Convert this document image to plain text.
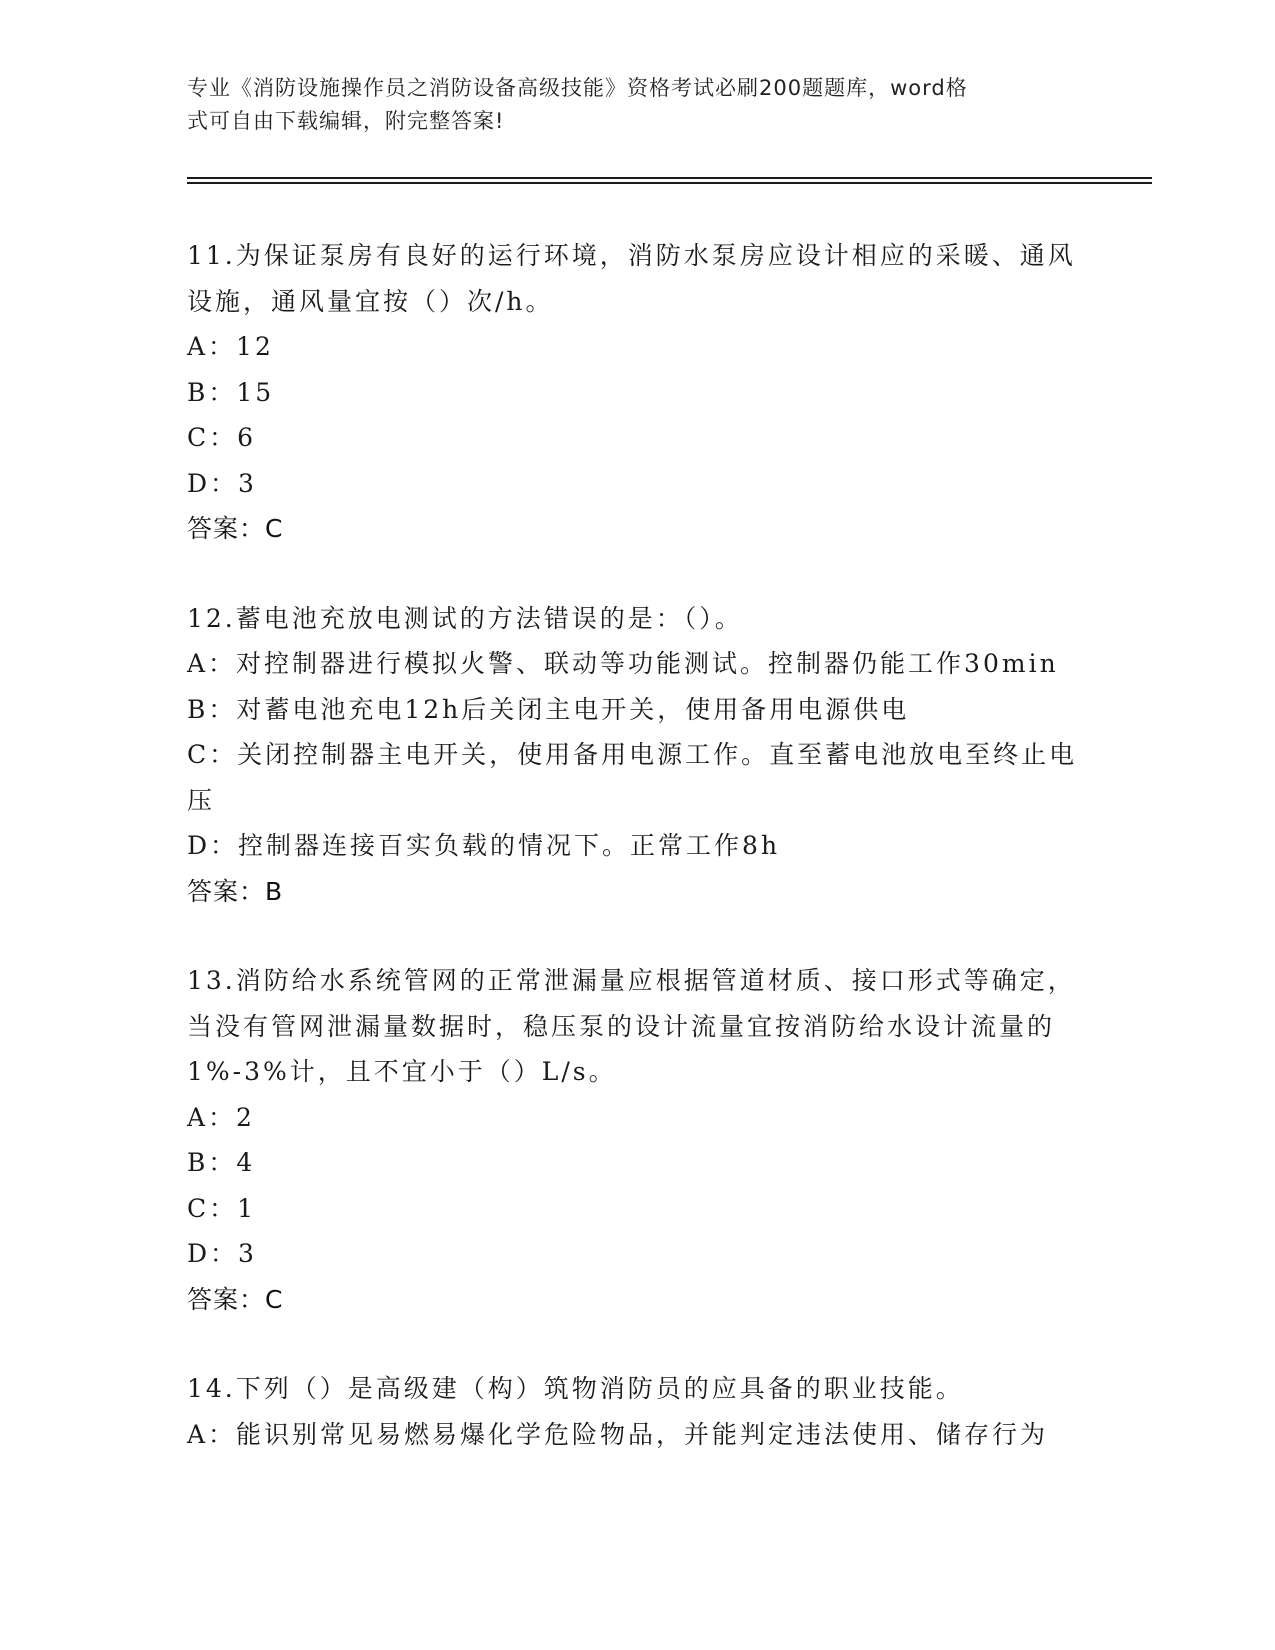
专业《消防设施操作员之消防设备高级技能》资格考试必刷200题题库，word格
式可自由下载编辑，附完整答案!

11.为保证泵房有良好的运行环境，消防水泵房应设计相应的采暖、通风设施，通风量宜按（）次/h。

A：12

B：15

C：6

D：3

答案：C

12.蓄电池充放电测试的方法错误的是：（）。

A：对控制器进行模拟火警、联动等功能测试。控制器仍能工作30min

B：对蓄电池充电12h后关闭主电开关，使用备用电源供电

C：关闭控制器主电开关，使用备用电源工作。直至蓄电池放电至终止电压

D：控制器连接百实负载的情况下。正常工作8h

答案：B

13.消防给水系统管网的正常泄漏量应根据管道材质、接口形式等确定，当没有管网泄漏量数据时，稳压泵的设计流量宜按消防给水设计流量的1%-3%计，且不宜小于（）L/s。

A：2

B：4

C：1

D：3

答案：C

14.下列（）是高级建（构）筑物消防员的应具备的职业技能。

A：能识别常见易燃易爆化学危险物品，并能判定违法使用、储存行为
